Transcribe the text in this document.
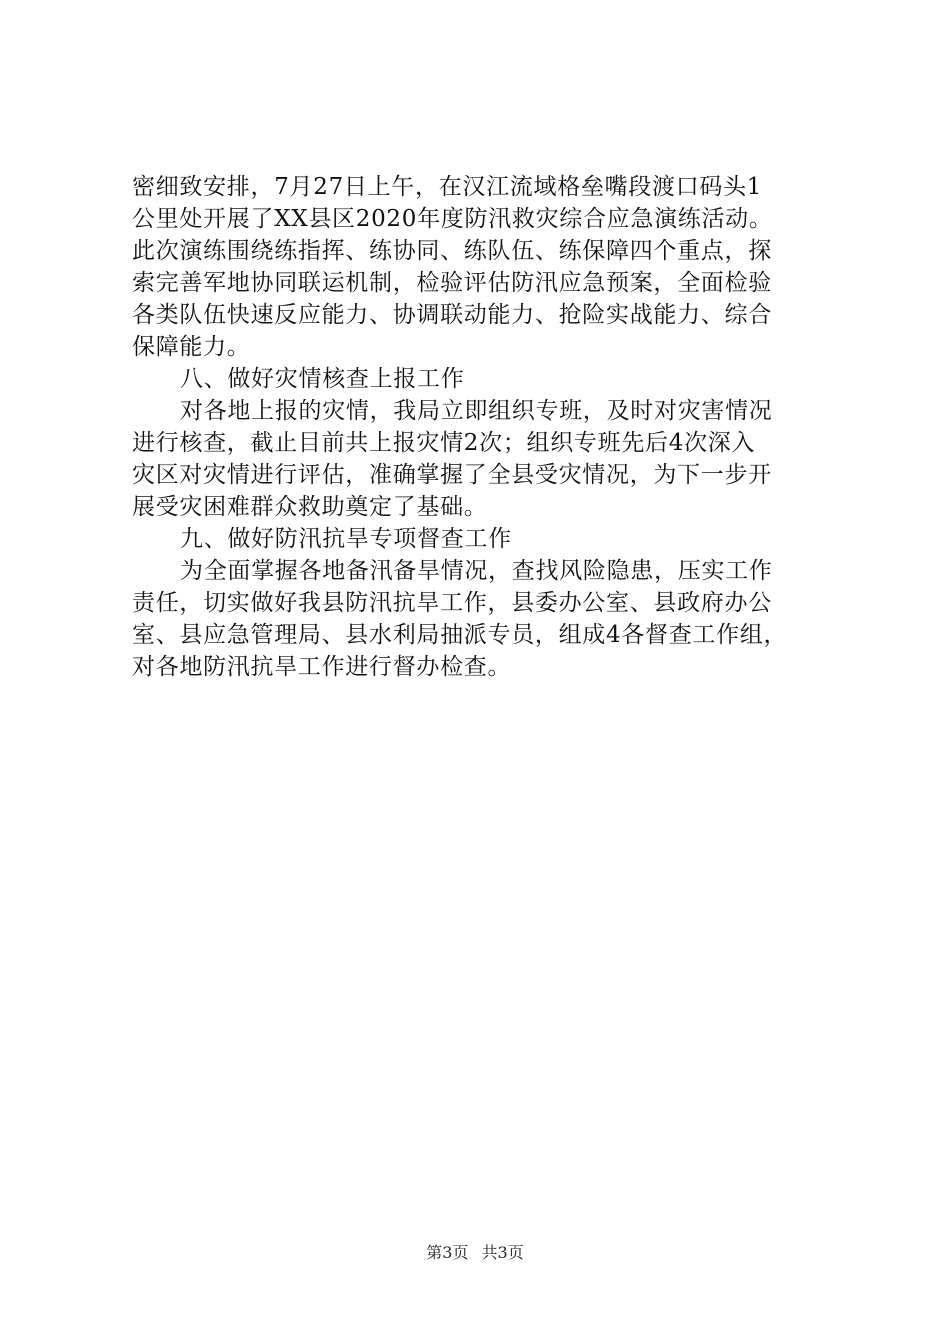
密细致安排，7月27日上午，在汉江流域格垒嘴段渡口码头1
公里处开展了XX县区2020年度防汛救灾综合应急演练活动。
此次演练围绕练指挥、练协同、练队伍、练保障四个重点，探
索完善军地协同联运机制，检验评估防汛应急预案，全面检验
各类队伍快速反应能力、协调联动能力、抢险实战能力、综合
保障能力。
八、做好灾情核查上报工作
对各地上报的灾情，我局立即组织专班，及时对灾害情况
进行核查，截止目前共上报灾情2次；组织专班先后4次深入
灾区对灾情进行评估，准确掌握了全县受灾情况，为下一步开
展受灾困难群众救助奠定了基础。
九、做好防汛抗旱专项督查工作
为全面掌握各地备汛备旱情况，查找风险隐患，压实工作
责任，切实做好我县防汛抗旱工作，县委办公室、县政府办公
室、县应急管理局、县水利局抽派专员，组成4各督查工作组，
对各地防汛抗旱工作进行督办检查。
第3页 共3页
